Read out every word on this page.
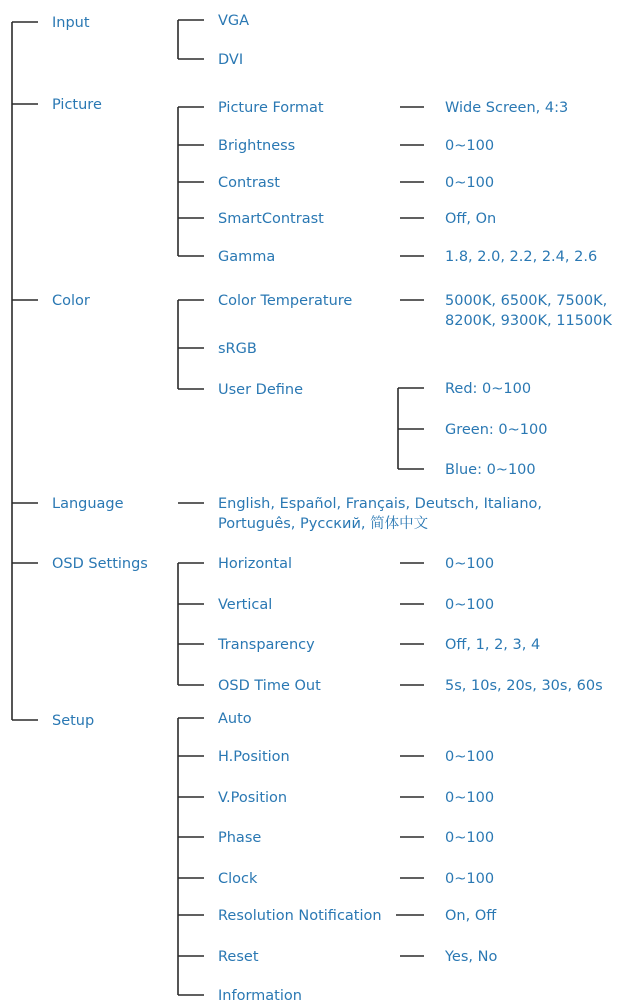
Input	VGA
DVI
Picture	Picture Format	Wide Screen, 4:3
Brightness	0~100
Contrast	0~100
SmartContrast	Off, On
Gamma	1.8, 2.0, 2.2, 2.4, 2.6
Color	Color Temperature	5000K, 6500K, 7500K,
8200K, 9300K, 11500K
sRGB
User Define	Red: 0~100
Green: 0~100
Blue: 0~100
Language	English, Español, Français, Deutsch, Italiano,
Português, Русский, 简体中文
OSD Settings	Horizontal	0~100
Vertical	0~100
Transparency	Off, 1, 2, 3, 4
OSD Time Out	5s, 10s, 20s, 30s, 60s
Setup	Auto
H.Position	0~100
V.Position	0~100
Phase	0~100
Clock	0~100
Resolution Notification	On, Off
Reset	Yes, No
Information
